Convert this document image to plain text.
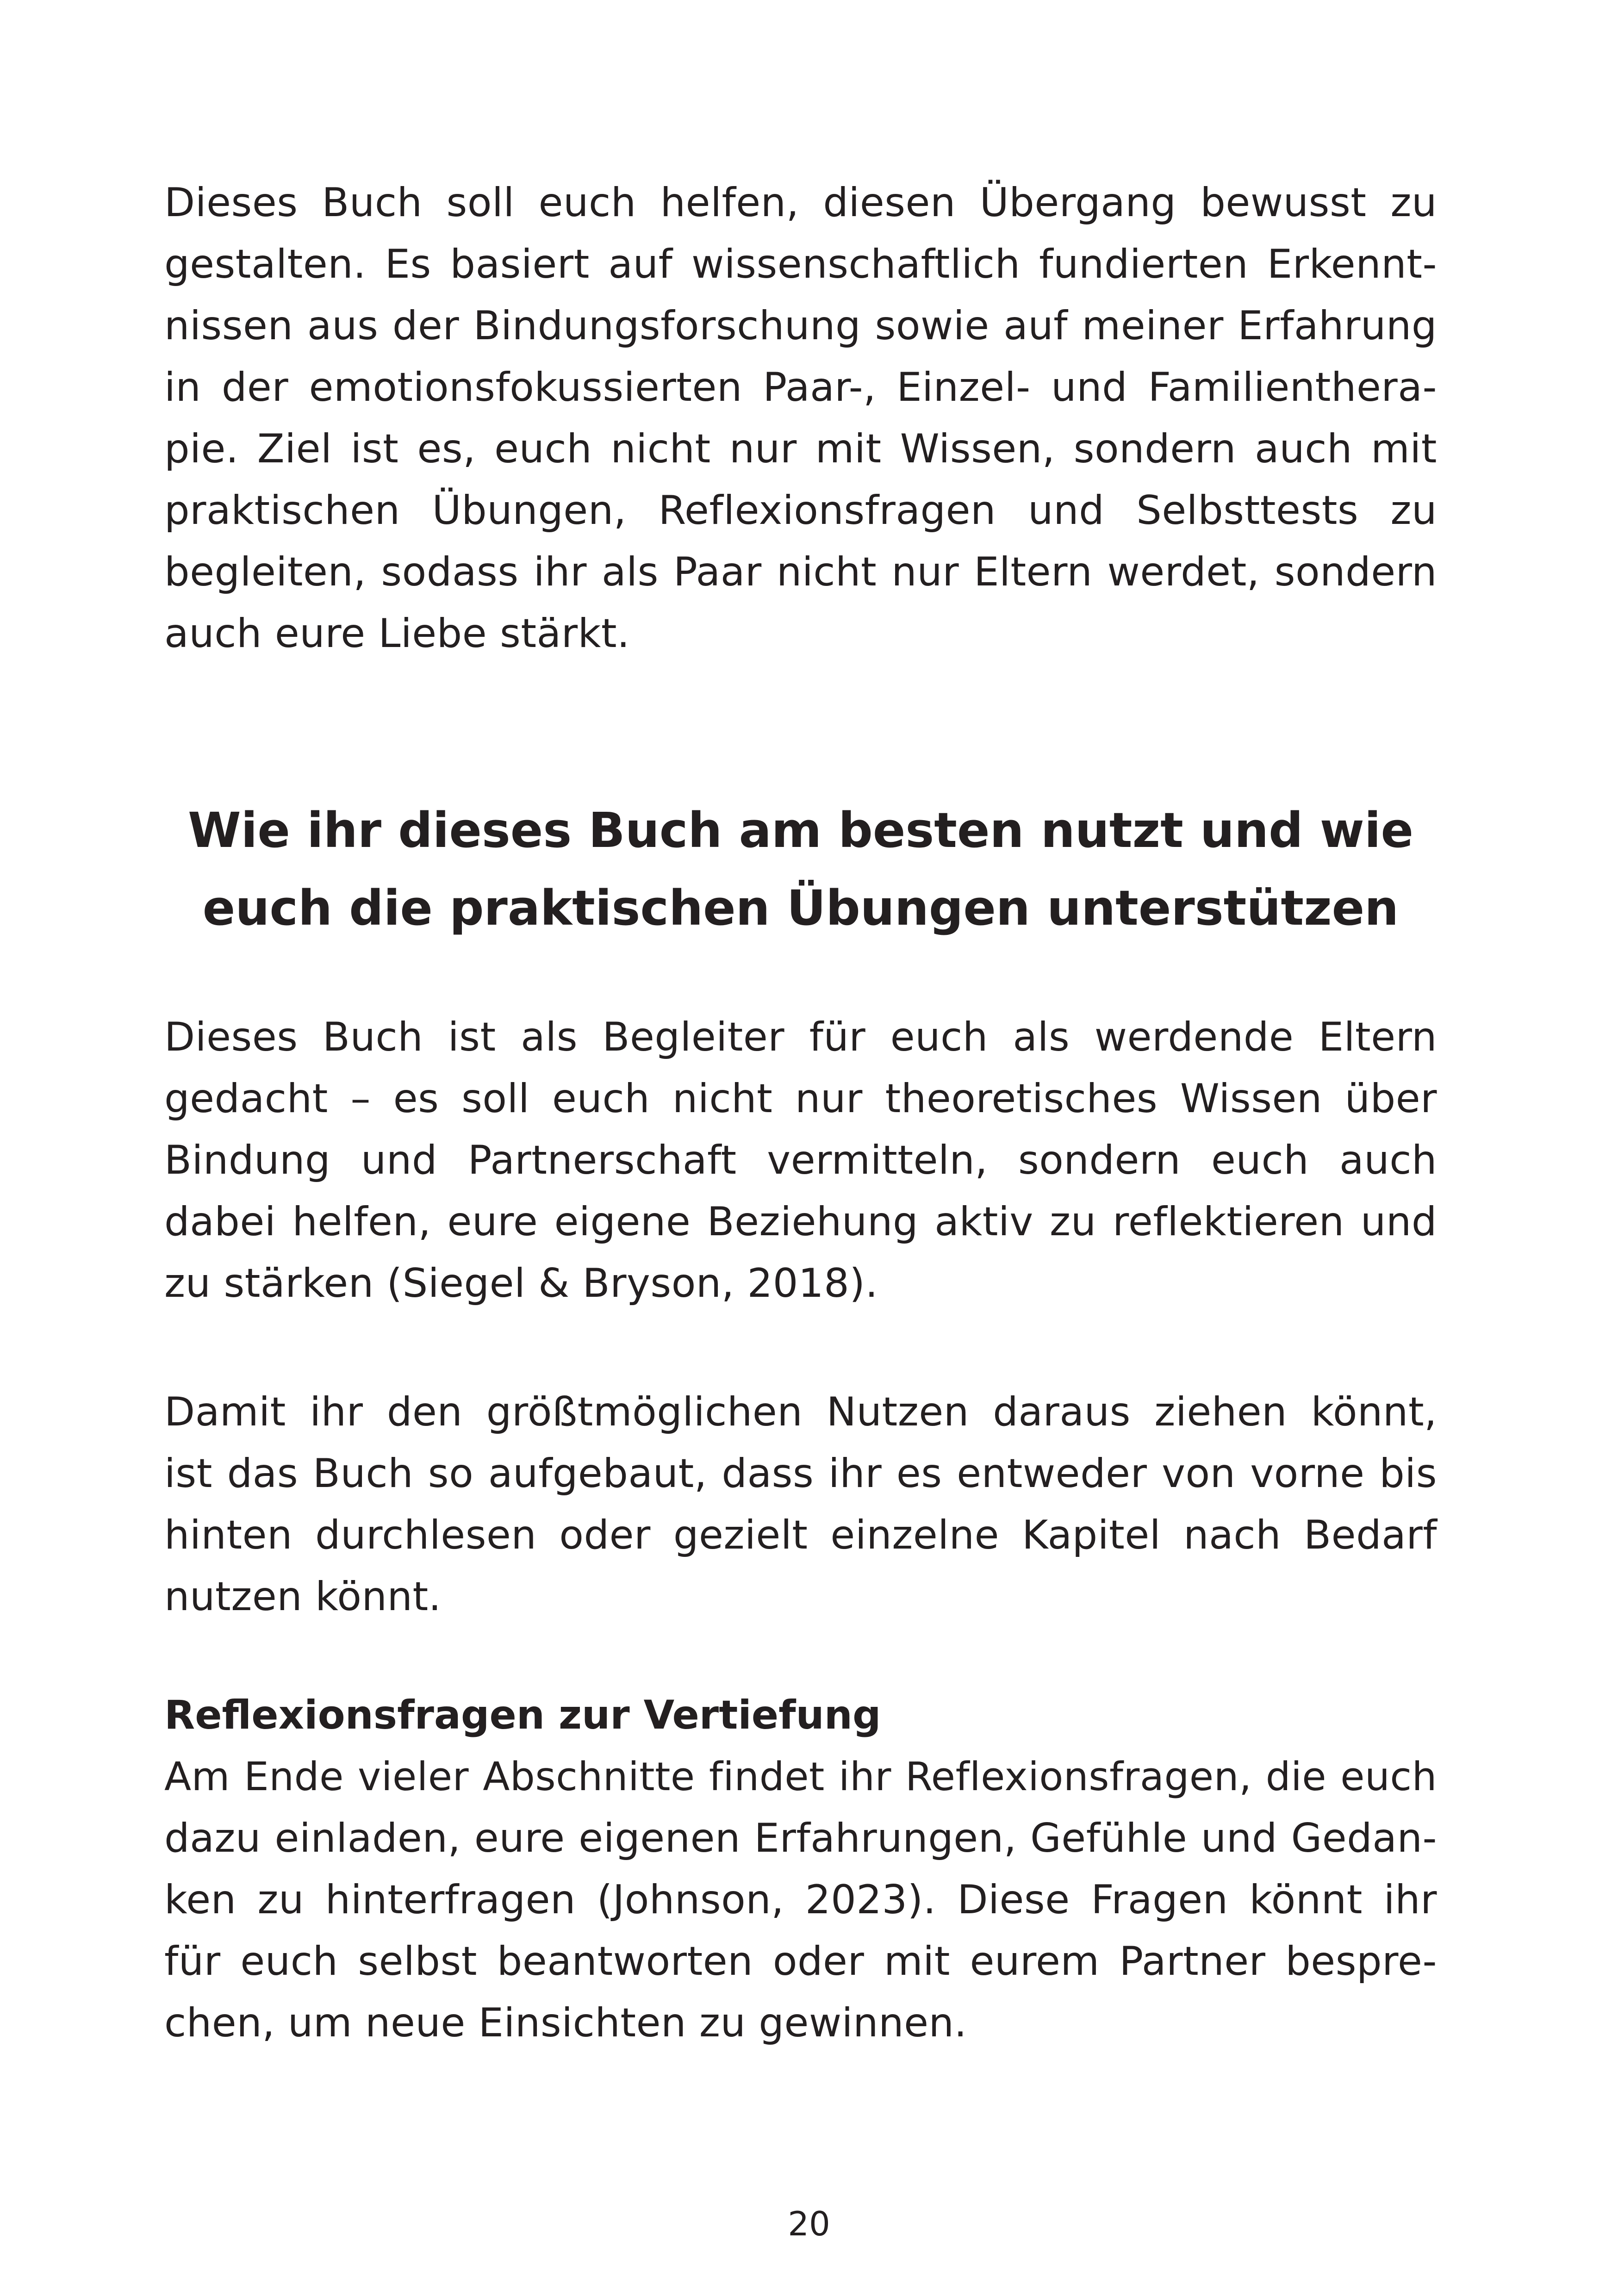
Dieses Buch soll euch helfen, diesen Übergang bewusst zu
gestalten. Es basiert auf wissenschaftlich fundierten Erkennt-
nissen aus der Bindungsforschung sowie auf meiner Erfahrung
in der emotionsfokussierten Paar-, Einzel- und Familienthera-
pie. Ziel ist es, euch nicht nur mit Wissen, sondern auch mit
praktischen Übungen, Reflexionsfragen und Selbsttests zu
begleiten, sodass ihr als Paar nicht nur Eltern werdet, sondern
auch eure Liebe stärkt.
Wie ihr dieses Buch am besten nutzt und wie
euch die praktischen Übungen unterstützen
Dieses Buch ist als Begleiter für euch als werdende Eltern
gedacht – es soll euch nicht nur theoretisches Wissen über
Bindung und Partnerschaft vermitteln, sondern euch auch
dabei helfen, eure eigene Beziehung aktiv zu reflektieren und
zu stärken (Siegel & Bryson, 2018).
Damit ihr den größtmöglichen Nutzen daraus ziehen könnt,
ist das Buch so aufgebaut, dass ihr es entweder von vorne bis
hinten durchlesen oder gezielt einzelne Kapitel nach Bedarf
nutzen könnt.
Reflexionsfragen zur Vertiefung
Am Ende vieler Abschnitte findet ihr Reflexionsfragen, die euch
dazu einladen, eure eigenen Erfahrungen, Gefühle und Gedan-
ken zu hinterfragen (Johnson, 2023). Diese Fragen könnt ihr
für euch selbst beantworten oder mit eurem Partner bespre-
chen, um neue Einsichten zu gewinnen.
20
